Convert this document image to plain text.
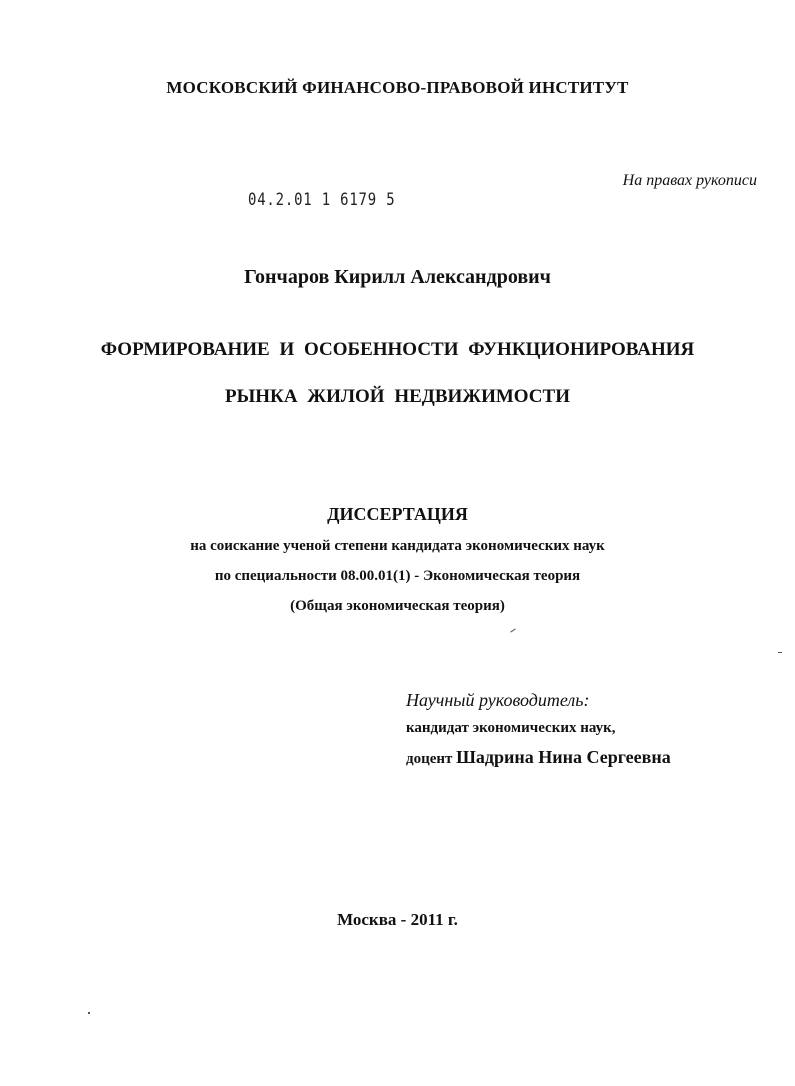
МОСКОВСКИЙ ФИНАНСОВО-ПРАВОВОЙ ИНСТИТУТ
На правах рукописи
04.2.01 1 6179 5
Гончаров Кирилл Александрович
ФОРМИРОВАНИЕ И ОСОБЕННОСТИ ФУНКЦИОНИРОВАНИЯ
РЫНКА ЖИЛОЙ НЕДВИЖИМОСТИ
ДИССЕРТАЦИЯ
на соискание ученой степени кандидата экономических наук
по специальности 08.00.01(1) - Экономическая теория
(Общая экономическая теория)
Научный руководитель:
кандидат экономических наук,
доцент Шадрина Нина Сергеевна
Москва - 2011 г.
